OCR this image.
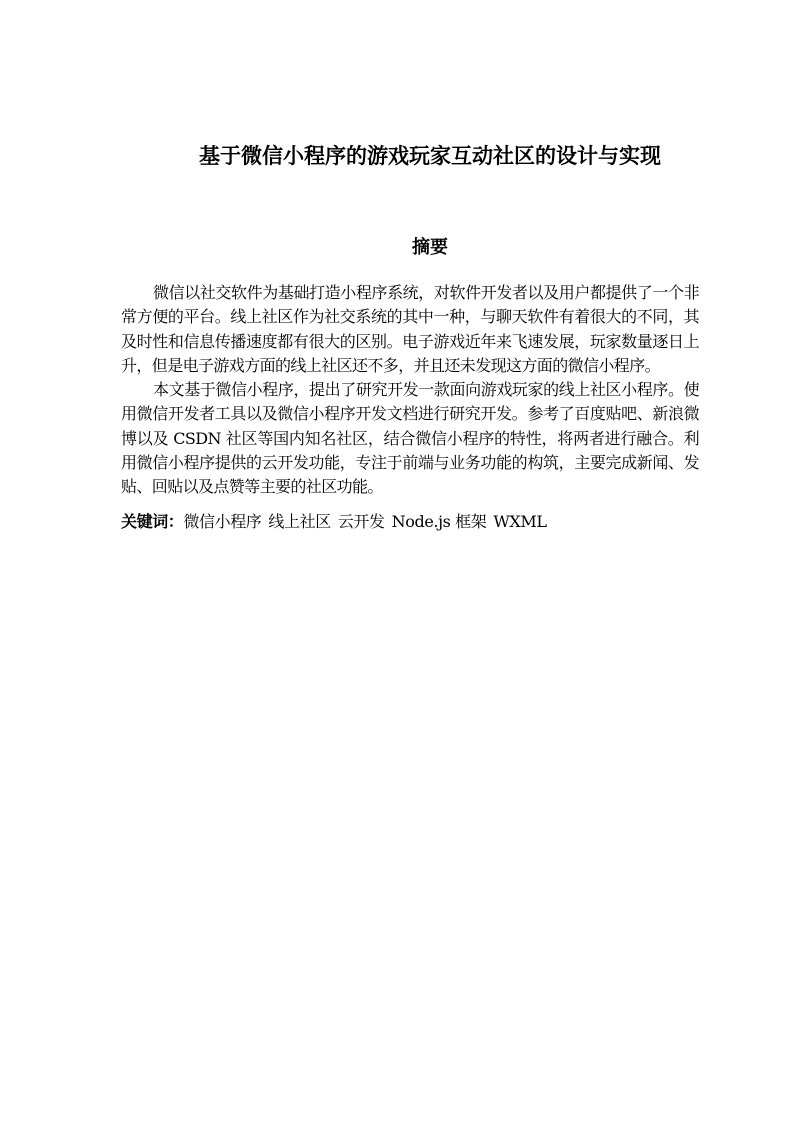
基于微信小程序的游戏玩家互动社区的设计与实现
摘要

微信以社交软件为基础打造小程序系统，对软件开发者以及用户都提供了一个非常方便的平台。线上社区作为社交系统的其中一种，与聊天软件有着很大的不同，其及时性和信息传播速度都有很大的区别。电子游戏近年来飞速发展，玩家数量逐日上升，但是电子游戏方面的线上社区还不多，并且还未发现这方面的微信小程序。

本文基于微信小程序，提出了研究开发一款面向游戏玩家的线上社区小程序。使用微信开发者工具以及微信小程序开发文档进行研究开发。参考了百度贴吧、新浪微博以及 CSDN 社区等国内知名社区，结合微信小程序的特性，将两者进行融合。利用微信小程序提供的云开发功能，专注于前端与业务功能的构筑，主要完成新闻、发贴、回贴以及点赞等主要的社区功能。

关键词：微信小程序 线上社区 云开发 Node.js 框架 WXML
